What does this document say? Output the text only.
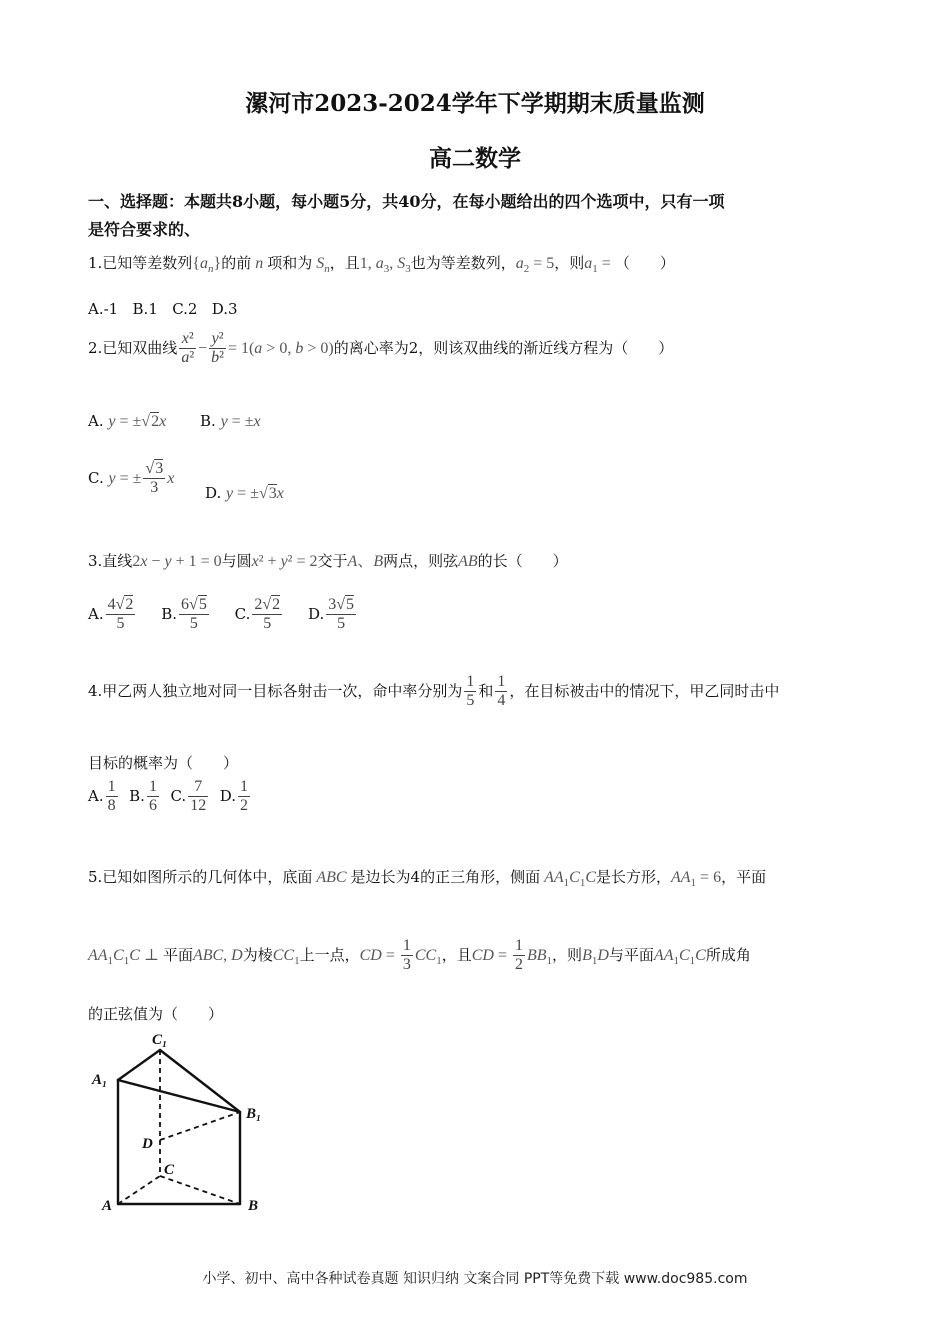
漯河市2023-2024学年下学期期末质量监测
高二数学
一、选择题：本题共8小题，每小题5分，共40分，在每小题给出的四个选项中，只有一项
是符合要求的、
1.已知等差数列$\{a_n\}$的前 n 项和为 $S_n$，且1, $a_3$, $S_3$也为等差数列，$a_2 = 5$，则$a_1$ = （　　）
A.-1 B.1 C.2 D.3
2.已知双曲线 $\frac{\text{x²}}{\text{a²}} - \frac{\text{y²}}{\text{b²}} = 1(a > 0$, b > 0)的离心率为2，则该双曲线的渐近线方程为（　　）
A. y = ±√2x B. y = ±x
C. y = ± $\frac{√3}{3}$ x
D. y = ±√3x
3.直线2x − y + 1 = 0与圆x² + y² = 2交于A、B两点，则弦AB的长（　　）
A. $\frac{4√2}{5} B$. $\frac{6√5}{5} C$. $\frac{2√2}{5} D$. $\frac{3√5}{5}$
4.甲乙两人独立地对同一目标各射击一次，命中率分别为 $\frac{1}{5}$ 和 $\frac{1}{4}$ ，在目标被击中的情况下，甲乙同时击中
目标的概率为（　　）
A. $\frac{1}{8} B$. $\frac{1}{6} C$. $\frac{7}{12} D$. $\frac{1}{2}$
5.已知如图所示的几何体中，底面 ABC 是边长为4的正三角形，侧面 $AA_1C_1C$是长方形，$AA_1 = 6$，平面
$AA_1C_1C$ ⊥ 平面ABC, D为棱$CC_1$上一点，CD = $\frac{1}{3} CC_1$，且CD = $\frac{1}{2} BB_1$，则$B_1D$与平面$AA_1C_1C$所成角
的正弦值为（　　）
C₁
A₁
B₁
D
C
A	B
小学、初中、高中各种试卷真题 知识归纳 文案合同 PPT等免费下载 www.doc985.com
